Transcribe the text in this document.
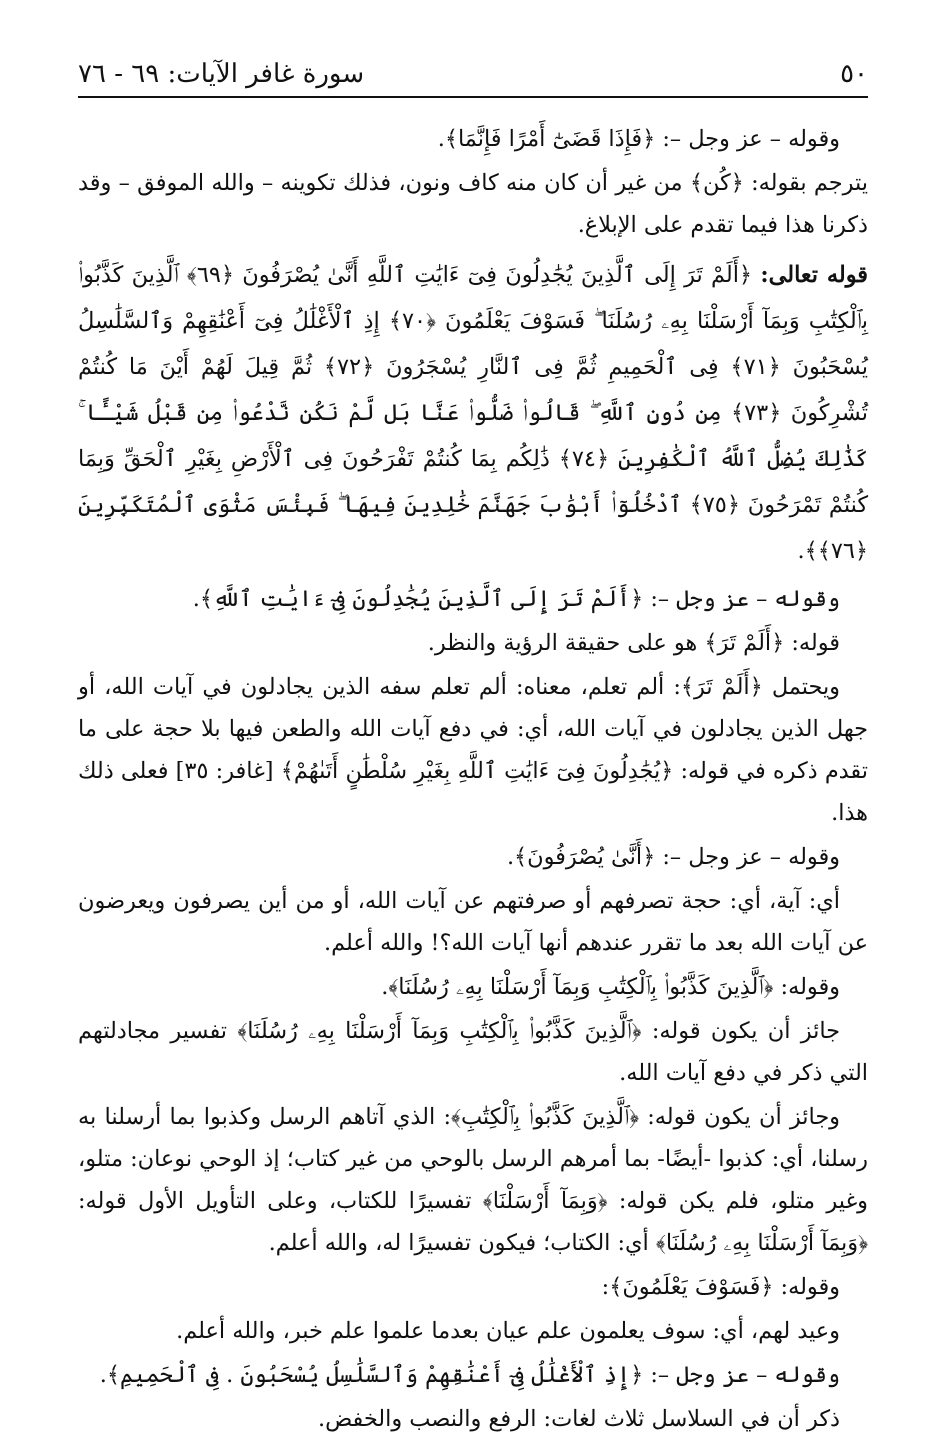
٥٠
سورة غافر الآيات: ٦٩ - ٧٦

وقوله – عز وجل –: ﴿فَإِذَا قَضَىٰٓ أَمْرًا فَإِنَّمَا﴾.

يترجم بقوله: ﴿كُن﴾ من غير أن كان منه كاف ونون، فذلك تكوينه – والله الموفق – وقد ذكرنا هذا فيما تقدم على الإبلاغ.

قوله تعالى: ﴿أَلَمْ تَرَ إِلَى ٱلَّذِينَ يُجَٰدِلُونَ فِىٓ ءَايَٰتِ ٱللَّهِ أَنَّىٰ يُصْرَفُونَ ﴿٦٩﴾ ٱلَّذِينَ كَذَّبُوا۟ بِٱلْكِتَٰبِ وَبِمَآ أَرْسَلْنَا بِهِۦ رُسُلَنَا ۖ فَسَوْفَ يَعْلَمُونَ ﴿٧٠﴾ إِذِ ٱلْأَغْلَٰلُ فِىٓ أَعْنَٰقِهِمْ وَٱلسَّلَٰسِلُ يُسْحَبُونَ ﴿٧١﴾ فِى ٱلْحَمِيمِ ثُمَّ فِى ٱلنَّارِ يُسْجَرُونَ ﴿٧٢﴾ ثُمَّ قِيلَ لَهُمْ أَيْنَ مَا كُنتُمْ تُشْرِكُونَ ﴿٧٣﴾ مِن دُونِ ٱللَّهِ ۖ قَالُوا۟ ضَلُّوا۟ عَنَّا بَل لَّمْ نَكُن نَّدْعُوا۟ مِن قَبْلُ شَيْـًٔا ۚ كَذَٰلِكَ يُضِلُّ ٱللَّهُ ٱلْكَٰفِرِينَ ﴿٧٤﴾ ذَٰلِكُم بِمَا كُنتُمْ تَفْرَحُونَ فِى ٱلْأَرْضِ بِغَيْرِ ٱلْحَقِّ وَبِمَا كُنتُمْ تَمْرَحُونَ ﴿٧٥﴾ ٱدْخُلُوٓا۟ أَبْوَٰبَ جَهَنَّمَ خَٰلِدِينَ فِيهَا ۖ فَبِئْسَ مَثْوَى ٱلْمُتَكَبِّرِينَ ﴿٧٦﴾﴾.

وقوله – عز وجل –: ﴿أَلَمْ تَرَ إِلَى ٱلَّذِينَ يُجَٰدِلُونَ فِىٓ ءَايَٰتِ ٱللَّهِ﴾.

قوله: ﴿أَلَمْ تَرَ﴾ هو على حقيقة الرؤية والنظر.

ويحتمل ﴿أَلَمْ تَرَ﴾: ألم تعلم، معناه: ألم تعلم سفه الذين يجادلون في آيات الله، أو جهل الذين يجادلون في آيات الله، أي: في دفع آيات الله والطعن فيها بلا حجة على ما تقدم ذكره في قوله: ﴿يُجَٰدِلُونَ فِىٓ ءَايَٰتِ ٱللَّهِ بِغَيْرِ سُلْطَٰنٍ أَتَىٰهُمْ﴾ [غافر: ٣٥] فعلى ذلك هذا.

وقوله – عز وجل –: ﴿أَنَّىٰ يُصْرَفُونَ﴾.

أي: آية، أي: حجة تصرفهم أو صرفتهم عن آيات الله، أو من أين يصرفون ويعرضون عن آيات الله بعد ما تقرر عندهم أنها آيات الله؟! والله أعلم.

وقوله: ﴿ٱلَّذِينَ كَذَّبُوا۟ بِٱلْكِتَٰبِ وَبِمَآ أَرْسَلْنَا بِهِۦ رُسُلَنَا﴾.

جائز أن يكون قوله: ﴿ٱلَّذِينَ كَذَّبُوا۟ بِٱلْكِتَٰبِ وَبِمَآ أَرْسَلْنَا بِهِۦ رُسُلَنَا﴾ تفسير مجادلتهم التي ذكر في دفع آيات الله.

وجائز أن يكون قوله: ﴿ٱلَّذِينَ كَذَّبُوا۟ بِٱلْكِتَٰبِ﴾: الذي آتاهم الرسل وكذبوا بما أرسلنا به رسلنا، أي: كذبوا -أيضًا- بما أمرهم الرسل بالوحي من غير كتاب؛ إذ الوحي نوعان: متلو، وغير متلو، فلم يكن قوله: ﴿وَبِمَآ أَرْسَلْنَا﴾ تفسيرًا للكتاب، وعلى التأويل الأول قوله: ﴿وَبِمَآ أَرْسَلْنَا بِهِۦ رُسُلَنَا﴾ أي: الكتاب؛ فيكون تفسيرًا له، والله أعلم.

وقوله: ﴿فَسَوْفَ يَعْلَمُونَ﴾:

وعيد لهم، أي: سوف يعلمون علم عيان بعدما علموا علم خبر، والله أعلم.

وقوله – عز وجل –: ﴿إِذِ ٱلْأَغْلَٰلُ فِىٓ أَعْنَٰقِهِمْ وَٱلسَّلَٰسِلُ يُسْحَبُونَ . فِى ٱلْحَمِيمِ﴾.

ذكر أن في السلاسل ثلاث لغات: الرفع والنصب والخفض.
